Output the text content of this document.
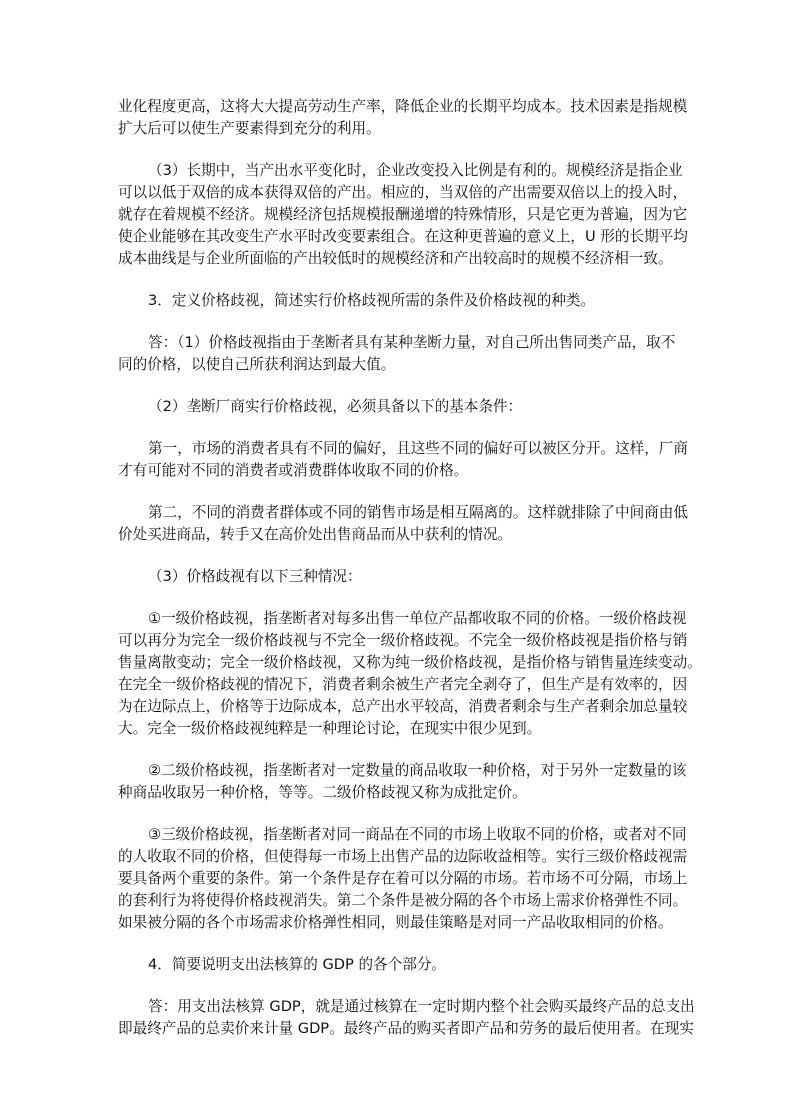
业化程度更高，这将大大提高劳动生产率，降低企业的长期平均成本。技术因素是指规模
扩大后可以使生产要素得到充分的利用。
（3）长期中，当产出水平变化时，企业改变投入比例是有利的。规模经济是指企业
可以以低于双倍的成本获得双倍的产出。相应的，当双倍的产出需要双倍以上的投入时，
就存在着规模不经济。规模经济包括规模报酬递增的特殊情形，只是它更为普遍，因为它
使企业能够在其改变生产水平时改变要素组合。在这种更普遍的意义上，U 形的长期平均
成本曲线是与企业所面临的产出较低时的规模经济和产出较高时的规模不经济相一致。
3．定义价格歧视，简述实行价格歧视所需的条件及价格歧视的种类。
答：（1）价格歧视指由于垄断者具有某种垄断力量，对自己所出售同类产品，取不
同的价格，以使自己所获利润达到最大值。
（2）垄断厂商实行价格歧视，必须具备以下的基本条件：
第一，市场的消费者具有不同的偏好，且这些不同的偏好可以被区分开。这样，厂商
才有可能对不同的消费者或消费群体收取不同的价格。
第二，不同的消费者群体或不同的销售市场是相互隔离的。这样就排除了中间商由低
价处买进商品，转手又在高价处出售商品而从中获利的情况。
（3）价格歧视有以下三种情况：
①一级价格歧视，指垄断者对每多出售一单位产品都收取不同的价格。一级价格歧视
可以再分为完全一级价格歧视与不完全一级价格歧视。不完全一级价格歧视是指价格与销
售量离散变动；完全一级价格歧视，又称为纯一级价格歧视，是指价格与销售量连续变动。
在完全一级价格歧视的情况下，消费者剩余被生产者完全剥夺了，但生产是有效率的，因
为在边际点上，价格等于边际成本，总产出水平较高，消费者剩余与生产者剩余加总量较
大。完全一级价格歧视纯粹是一种理论讨论，在现实中很少见到。
②二级价格歧视，指垄断者对一定数量的商品收取一种价格，对于另外一定数量的该
种商品收取另一种价格，等等。二级价格歧视又称为成批定价。
③三级价格歧视，指垄断者对同一商品在不同的市场上收取不同的价格，或者对不同
的人收取不同的价格，但使得每一市场上出售产品的边际收益相等。实行三级价格歧视需
要具备两个重要的条件。第一个条件是存在着可以分隔的市场。若市场不可分隔，市场上
的套利行为将使得价格歧视消失。第二个条件是被分隔的各个市场上需求价格弹性不同。
如果被分隔的各个市场需求价格弹性相同，则最佳策略是对同一产品收取相同的价格。
4．简要说明支出法核算的 GDP 的各个部分。
答：用支出法核算 GDP，就是通过核算在一定时期内整个社会购买最终产品的总支出
即最终产品的总卖价来计量 GDP。最终产品的购买者即产品和劳务的最后使用者。在现实
